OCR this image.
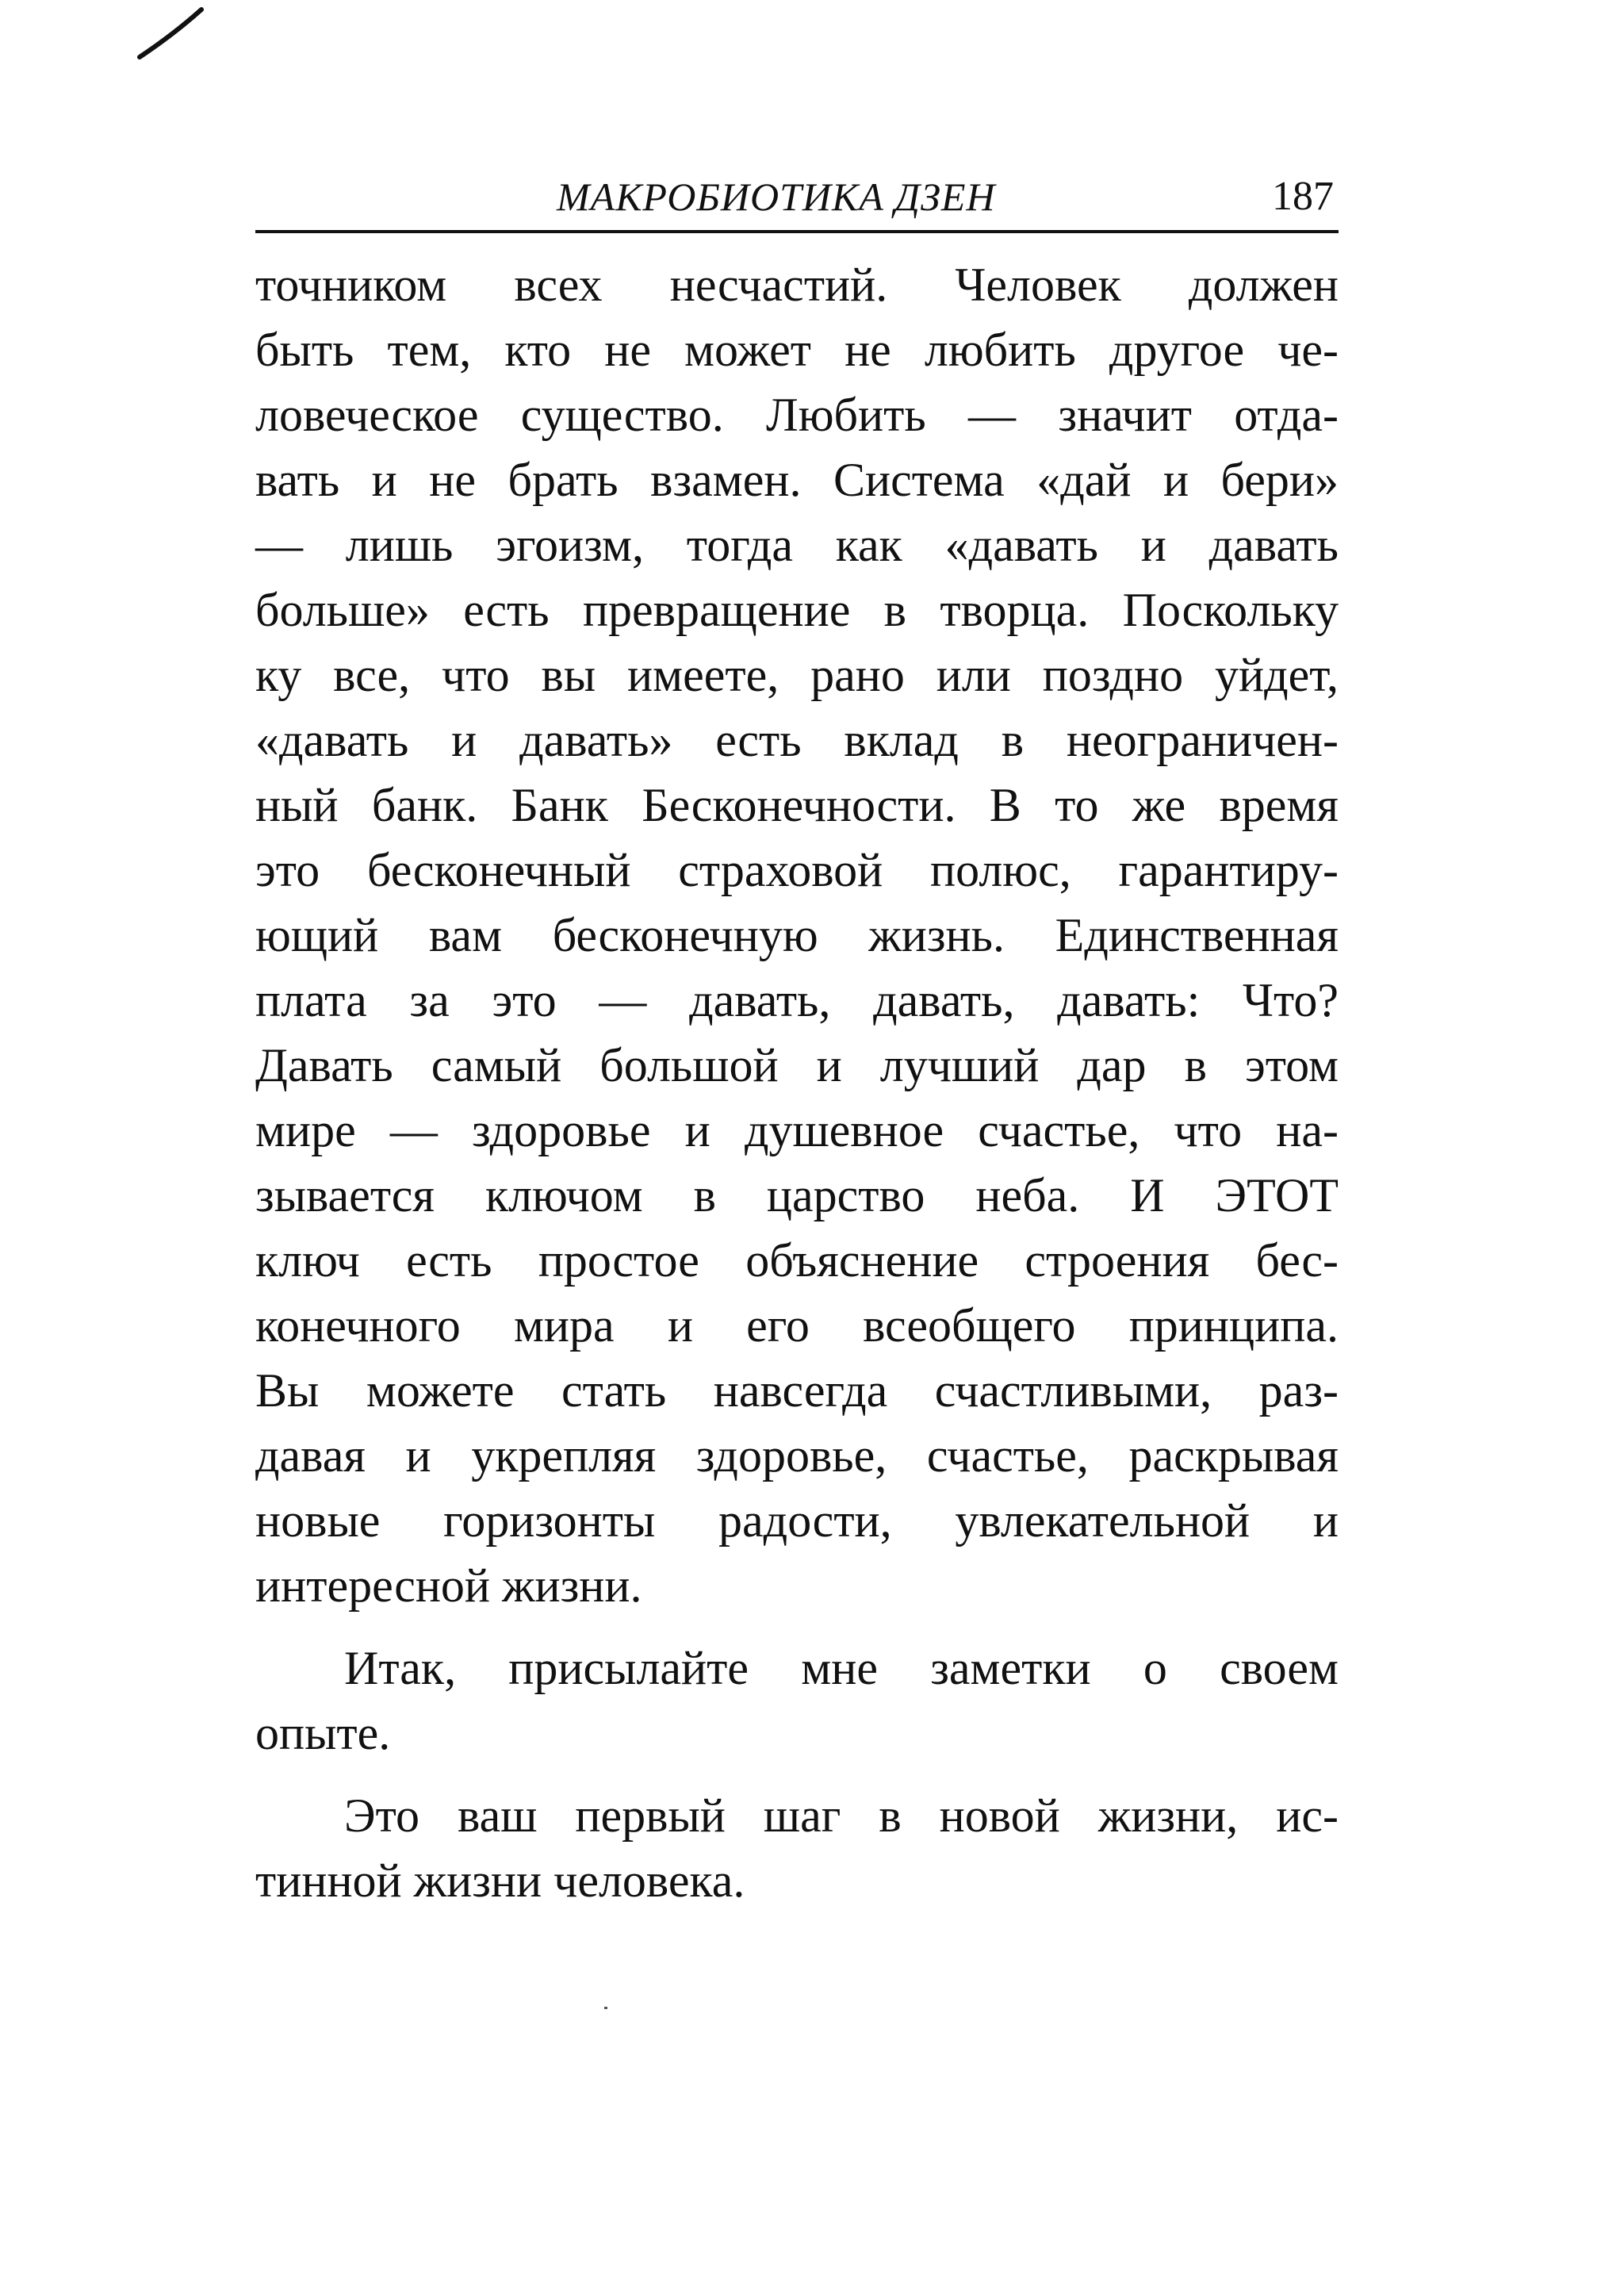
МАКРОБИОТИКА ДЗЕН	187
точником всех несчастий. Человек должен
быть тем, кто не может не любить другое че-
ловеческое существо. Любить — значит отда-
вать и не брать взамен. Система «дай и бери»
— лишь эгоизм, тогда как «давать и давать
больше» есть превращение в творца. Поскольку
ку все, что вы имеете, рано или поздно уйдет,
«давать и давать» есть вклад в неограничен-
ный банк. Банк Бесконечности. В то же время
это бесконечный страховой полюс, гарантиру-
ющий вам бесконечную жизнь. Единственная
плата за это — давать, давать, давать: Что?
Давать самый большой и лучший дар в этом
мире — здоровье и душевное счастье, что на-
зывается ключом в царство неба. И ЭТОТ
ключ есть простое объяснение строения бес-
конечного мира и его всеобщего принципа.
Вы можете стать навсегда счастливыми, раз-
давая и укрепляя здоровье, счастье, раскрывая
новые горизонты радости, увлекательной и
интересной жизни.
Итак, присылайте мне заметки о своем
опыте.
Это ваш первый шаг в новой жизни, ис-
тинной жизни человека.
